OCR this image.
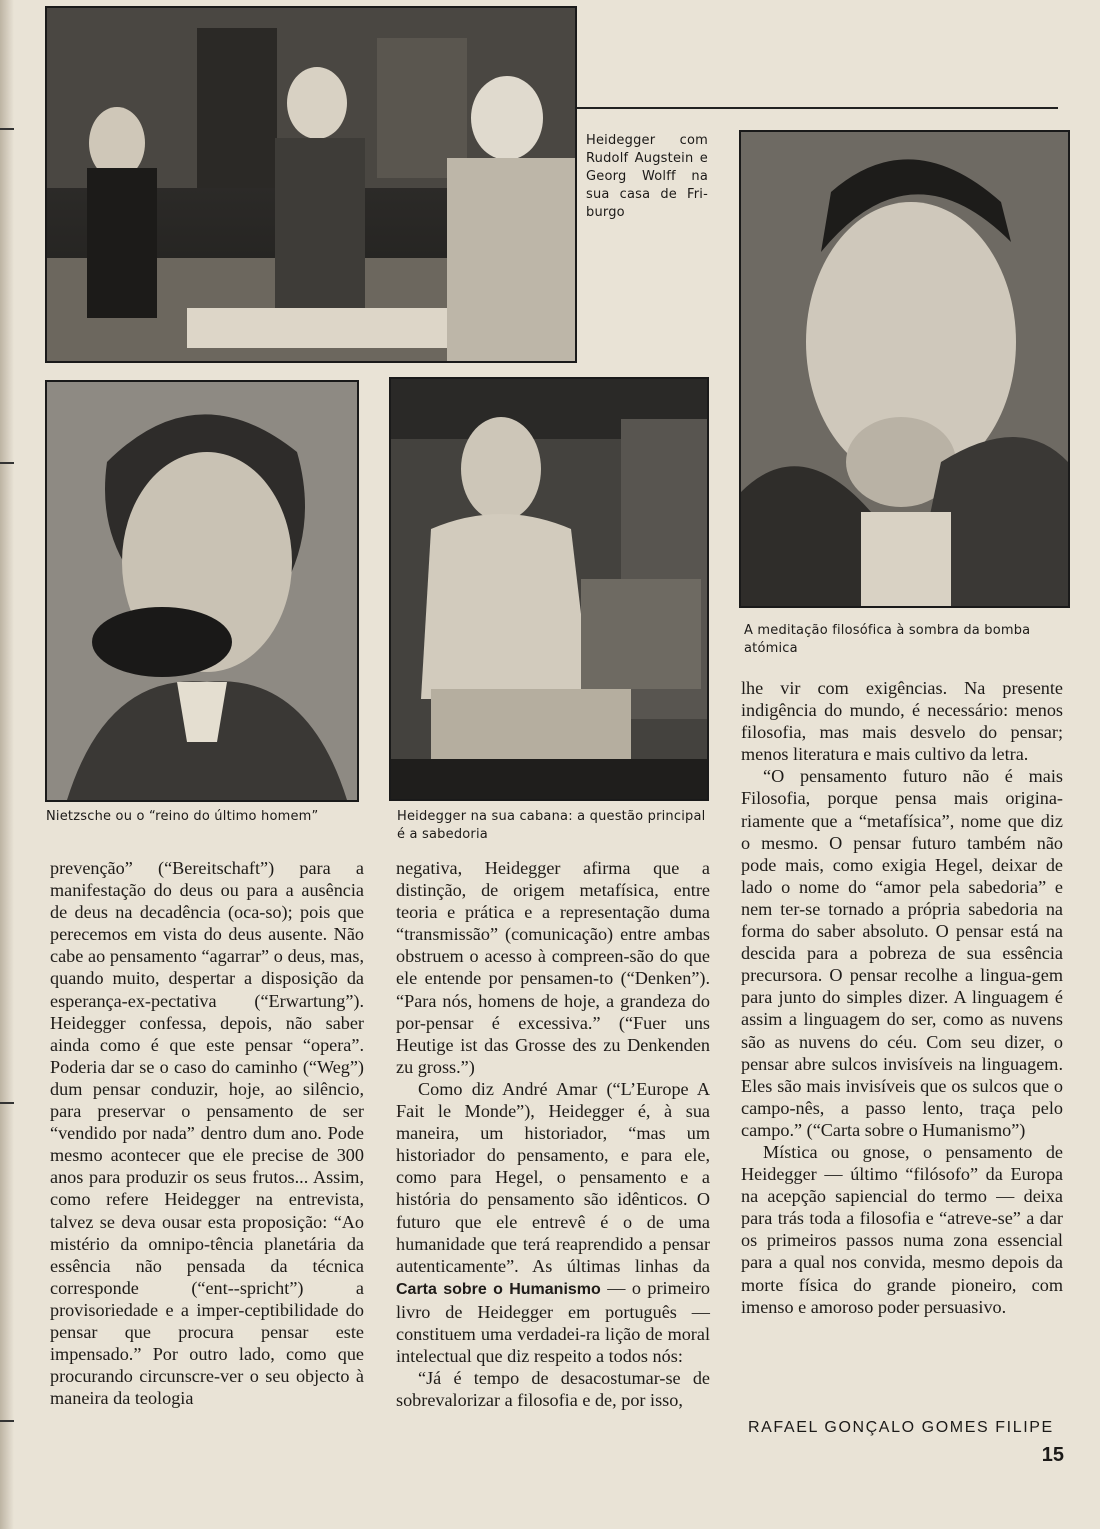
Heidegger com Rudolf Augstein e Georg Wolff na sua casa de Fri-burgo
A meditação filosófica à sombra da bomba atómica
Nietzsche ou o “reino do último homem”	Heidegger na sua cabana: a questão principal é a sabedoria

prevenção” (“Bereitschaft”) para a manifestação do deus ou para a ausência de deus na decadência (oca-so); pois que perecemos em vista do deus ausente. Não cabe ao pensamento “agarrar” o deus, mas, quando muito, despertar a disposição da esperança-ex-pectativa (“Erwartung”). Heidegger confessa, depois, não saber ainda como é que este pensar “opera”. Poderia dar se o caso do caminho (“Weg”) dum pensar conduzir, hoje, ao silêncio, para preservar o pensamento de ser “vendido por nada” dentro dum ano. Pode mesmo acontecer que ele precise de 300 anos para produzir os seus frutos... Assim, como refere Heidegger na entrevista, talvez se deva ousar esta proposição: “Ao mistério da omnipo-tência planetária da essência não pensada da técnica corresponde (“ent--spricht”) a provisoriedade e a imper-ceptibilidade do pensar que procura pensar este impensado.” Por outro lado, como que procurando circunscre-ver o seu objecto à maneira da teologia

negativa, Heidegger afirma que a distinção, de origem metafísica, entre teoria e prática e a representação duma “transmissão” (comunicação) entre ambas obstruem o acesso à compreen-são do que ele entende por pensamen-to (“Denken”). “Para nós, homens de hoje, a grandeza do por-pensar é excessiva.” (“Fuer uns Heutige ist das Grosse des zu Denkenden zu gross.”)

Como diz André Amar (“L’Europe A Fait le Monde”), Heidegger é, à sua maneira, um historiador, “mas um historiador do pensamento, e para ele, como para Hegel, o pensamento e a história do pensamento são idênticos. O futuro que ele entrevê é o de uma humanidade que terá reaprendido a pensar autenticamente”. As últimas linhas da Carta sobre o Humanismo — o primeiro livro de Heidegger em português — constituem uma verdadei-ra lição de moral intelectual que diz respeito a todos nós:

“Já é tempo de desacostumar-se de sobrevalorizar a filosofia e de, por isso,

lhe vir com exigências. Na presente indigência do mundo, é necessário: menos filosofia, mas mais desvelo do pensar; menos literatura e mais cultivo da letra.

“O pensamento futuro não é mais Filosofia, porque pensa mais origina-riamente que a “metafísica”, nome que diz o mesmo. O pensar futuro também não pode mais, como exigia Hegel, deixar de lado o nome do “amor pela sabedoria” e nem ter-se tornado a própria sabedoria na forma do saber absoluto. O pensar está na descida para a pobreza de sua essência precursora. O pensar recolhe a lingua-gem para junto do simples dizer. A linguagem é assim a linguagem do ser, como as nuvens são as nuvens do céu. Com seu dizer, o pensar abre sulcos invisíveis na linguagem. Eles são mais invisíveis que os sulcos que o campo-nês, a passo lento, traça pelo campo.” (“Carta sobre o Humanismo”)

Mística ou gnose, o pensamento de Heidegger — último “filósofo” da Europa na acepção sapiencial do termo — deixa para trás toda a filosofia e “atreve-se” a dar os primeiros passos numa zona essencial para a qual nos convida, mesmo depois da morte física do grande pioneiro, com imenso e amoroso poder persuasivo.

RAFAEL GONÇALO GOMES FILIPE
15
